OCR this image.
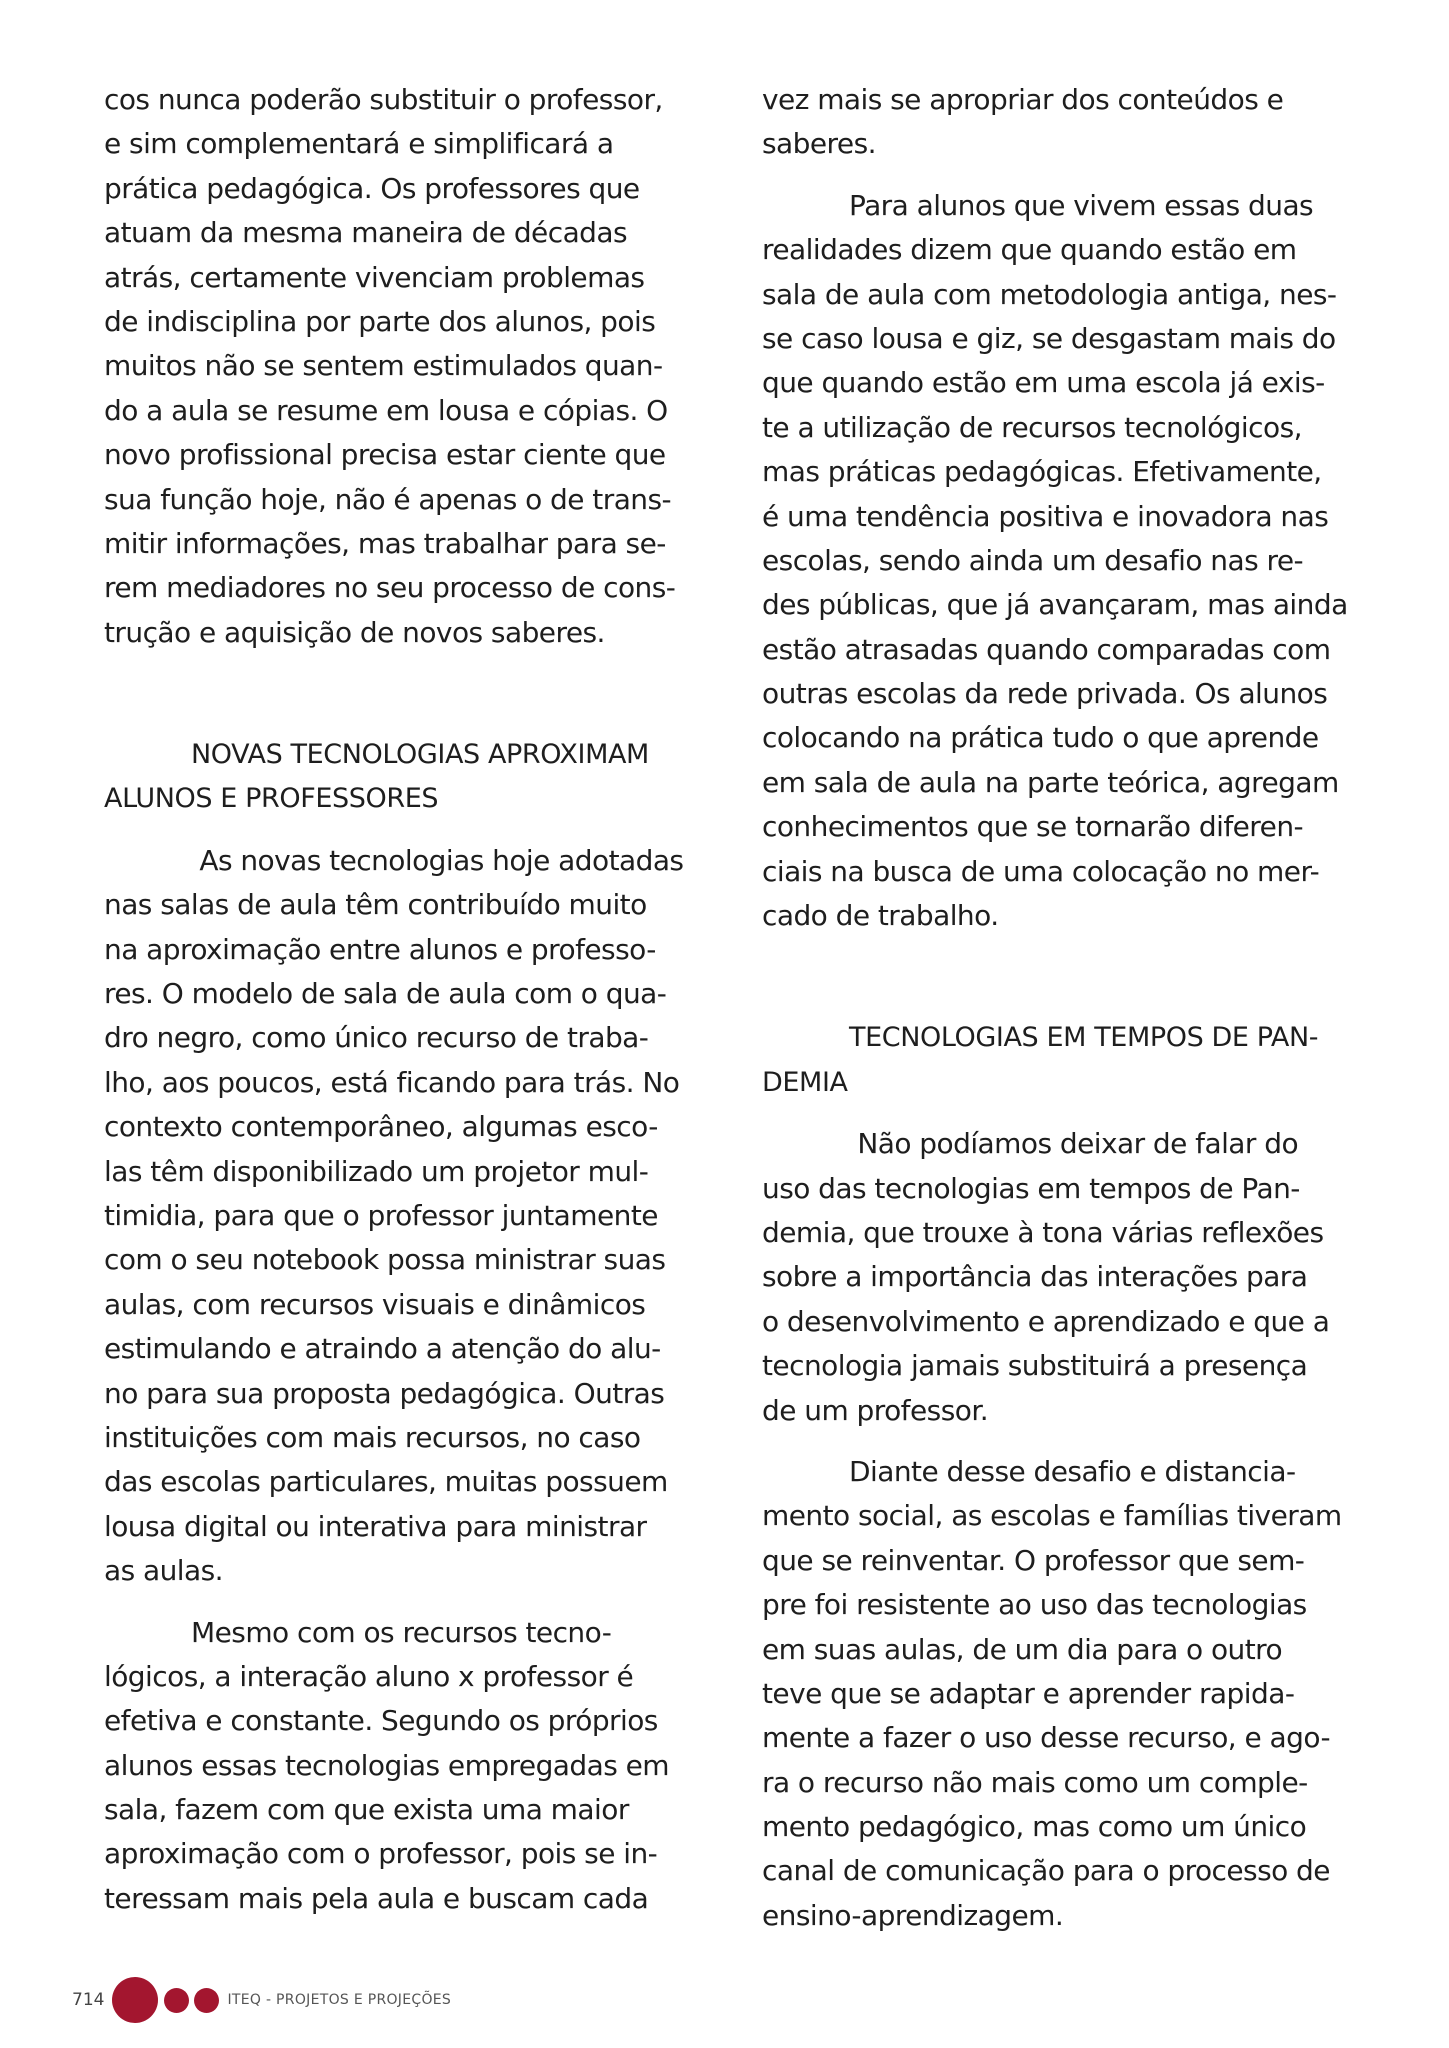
cos nunca poderão substituir o professor,
e sim complementará e simplificará a
prática pedagógica. Os professores que
atuam da mesma maneira de décadas
atrás, certamente vivenciam problemas
de indisciplina por parte dos alunos, pois
muitos não se sentem estimulados quan-
do a aula se resume em lousa e cópias. O
novo profissional precisa estar ciente que
sua função hoje, não é apenas o de trans-
mitir informações, mas trabalhar para se-
rem mediadores no seu processo de cons-
trução e aquisição de novos saberes.
NOVAS TECNOLOGIAS APROXIMAM
ALUNOS E PROFESSORES
As novas tecnologias hoje adotadas
nas salas de aula têm contribuído muito
na aproximação entre alunos e professo-
res. O modelo de sala de aula com o qua-
dro negro, como único recurso de traba-
lho, aos poucos, está ficando para trás. No
contexto contemporâneo, algumas esco-
las têm disponibilizado um projetor mul-
timidia, para que o professor juntamente
com o seu notebook possa ministrar suas
aulas, com recursos visuais e dinâmicos
estimulando e atraindo a atenção do alu-
no para sua proposta pedagógica. Outras
instituições com mais recursos, no caso
das escolas particulares, muitas possuem
lousa digital ou interativa para ministrar
as aulas.
Mesmo com os recursos tecno-
lógicos, a interação aluno x professor é
efetiva e constante. Segundo os próprios
alunos essas tecnologias empregadas em
sala, fazem com que exista uma maior
aproximação com o professor, pois se in-
teressam mais pela aula e buscam cada
vez mais se apropriar dos conteúdos e
saberes.
Para alunos que vivem essas duas
realidades dizem que quando estão em
sala de aula com metodologia antiga, nes-
se caso lousa e giz, se desgastam mais do
que quando estão em uma escola já exis-
te a utilização de recursos tecnológicos,
mas práticas pedagógicas. Efetivamente,
é uma tendência positiva e inovadora nas
escolas, sendo ainda um desafio nas re-
des públicas, que já avançaram, mas ainda
estão atrasadas quando comparadas com
outras escolas da rede privada. Os alunos
colocando na prática tudo o que aprende
em sala de aula na parte teórica, agregam
conhecimentos que se tornarão diferen-
ciais na busca de uma colocação no mer-
cado de trabalho.
TECNOLOGIAS EM TEMPOS DE PAN-
DEMIA
Não podíamos deixar de falar do
uso das tecnologias em tempos de Pan-
demia, que trouxe à tona várias reflexões
sobre a importância das interações para
o desenvolvimento e aprendizado e que a
tecnologia jamais substituirá a presença
de um professor.
Diante desse desafio e distancia-
mento social, as escolas e famílias tiveram
que se reinventar. O professor que sem-
pre foi resistente ao uso das tecnologias
em suas aulas, de um dia para o outro
teve que se adaptar e aprender rapida-
mente a fazer o uso desse recurso, e ago-
ra o recurso não mais como um comple-
mento pedagógico, mas como um único
canal de comunicação para o processo de
ensino-aprendizagem.
714	ITEQ - PROJETOS E PROJEÇÕES
